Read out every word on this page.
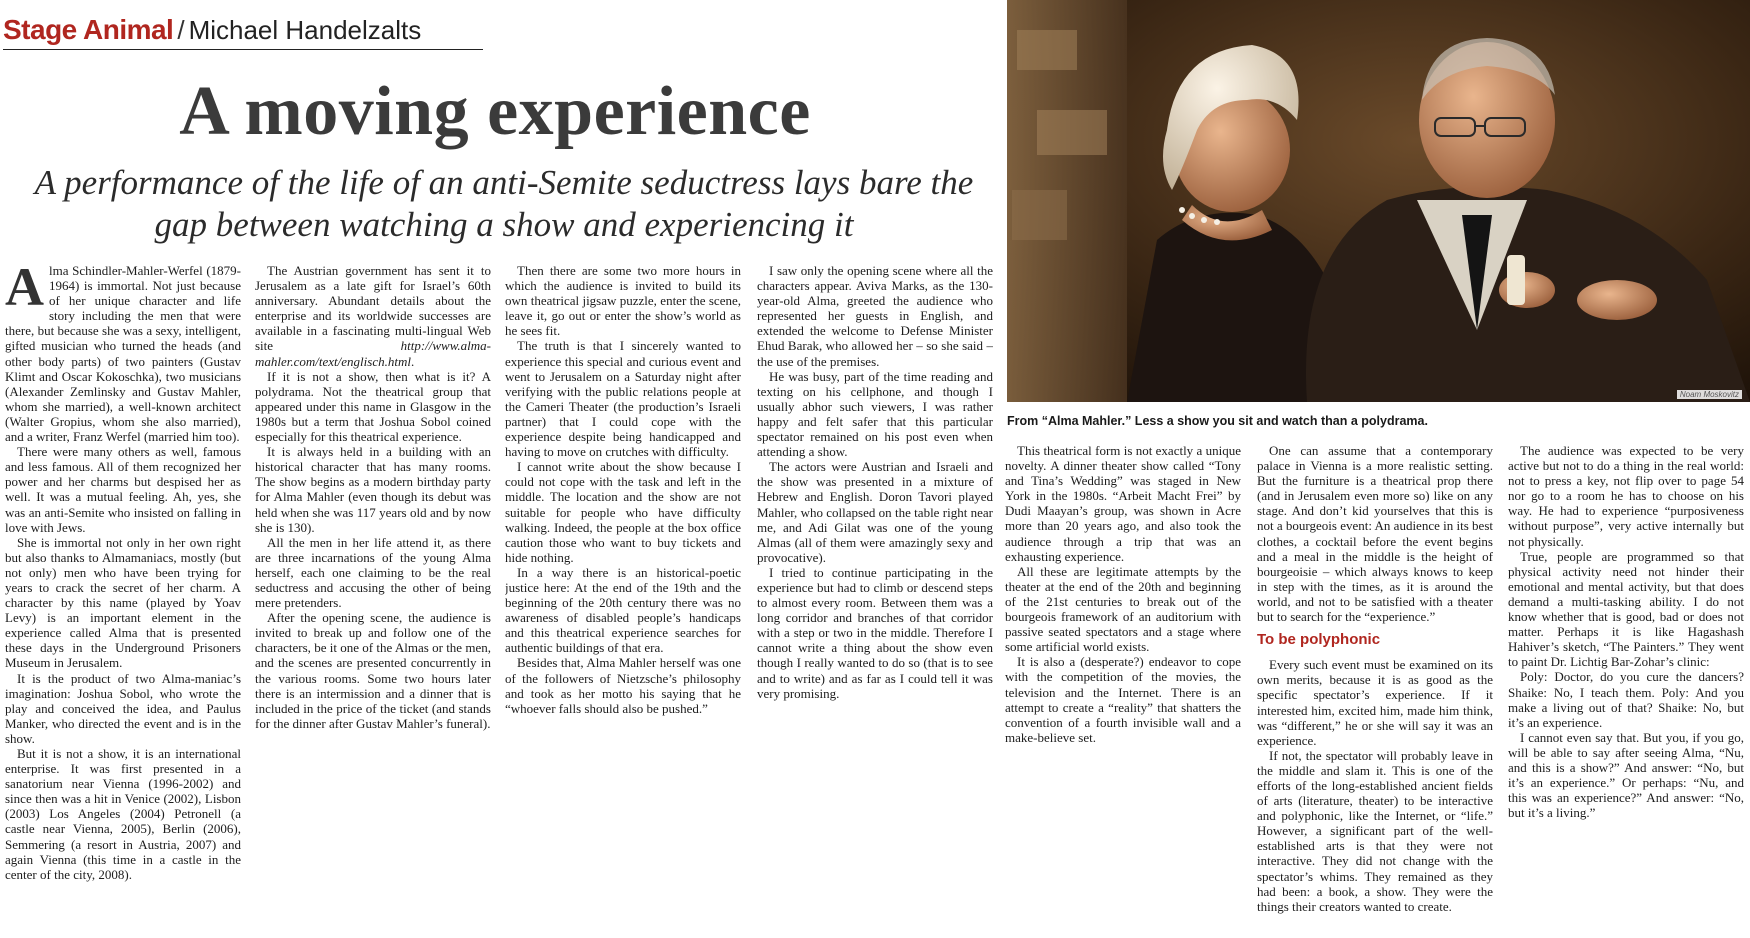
Stage Animal / Michael Handelzalts
A moving experience
A performance of the life of an anti-Semite seductress lays bare the gap between watching a show and experiencing it
Noam Moskovitz
From “Alma Mahler.” Less a show you sit and watch than a polydrama.
A lma Schindler-Mahler-Werfel (1879-1964) is immortal. Not just because of her unique character and life story including the men that were there, but because she was a sexy, intelligent, gifted musician who turned the heads (and other body parts) of two painters (Gustav Klimt and Oscar Kokoschka), two musicians (Alexander Zemlinsky and Gustav Mahler, whom she married), a well-known architect (Walter Gropius, whom she also married), and a writer, Franz Werfel (married him too).

There were many others as well, famous and less famous. All of them recognized her power and her charms but despised her as well. It was a mutual feeling. Ah, yes, she was an anti-Semite who insisted on falling in love with Jews.

She is immortal not only in her own right but also thanks to Almamaniacs, mostly (but not only) men who have been trying for years to crack the secret of her charm. A character by this name (played by Yoav Levy) is an important element in the experience called Alma that is presented these days in the Underground Prisoners Museum in Jerusalem.

It is the product of two Alma-maniac’s imagination: Joshua Sobol, who wrote the play and conceived the idea, and Paulus Manker, who directed the event and is in the show.

But it is not a show, it is an international enterprise. It was first presented in a sanatorium near Vienna (1996-2002) and since then was a hit in Venice (2002), Lisbon (2003) Los Angeles (2004) Petronell (a castle near Vienna, 2005), Berlin (2006), Semmering (a resort in Austria, 2007) and again Vienna (this time in a castle in the center of the city, 2008).

The Austrian government has sent it to Jerusalem as a late gift for Israel’s 60th anniversary. Abundant details about the enterprise and its worldwide successes are available in a fascinating multi-lingual Web site http://www.alma-mahler.com/text/englisch.html.

If it is not a show, then what is it? A polydrama. Not the theatrical group that appeared under this name in Glasgow in the 1980s but a term that Joshua Sobol coined especially for this theatrical experience.

It is always held in a building with an historical character that has many rooms. The show begins as a modern birthday party for Alma Mahler (even though its debut was held when she was 117 years old and by now she is 130).

All the men in her life attend it, as there are three incarnations of the young Alma herself, each one claiming to be the real seductress and accusing the other of being mere pretenders.

After the opening scene, the audience is invited to break up and follow one of the characters, be it one of the Almas or the men, and the scenes are presented concurrently in the various rooms. Some two hours later there is an intermission and a dinner that is included in the price of the ticket (and stands for the dinner after Gustav Mahler’s funeral).

Then there are some two more hours in which the audience is invited to build its own theatrical jigsaw puzzle, enter the scene, leave it, go out or enter the show’s world as he sees fit.

The truth is that I sincerely wanted to experience this special and curious event and went to Jerusalem on a Saturday night after verifying with the public relations people at the Cameri Theater (the production’s Israeli partner) that I could cope with the experience despite being handicapped and having to move on crutches with difficulty.

I cannot write about the show because I could not cope with the task and left in the middle. The location and the show are not suitable for people who have difficulty walking. Indeed, the people at the box office caution those who want to buy tickets and hide nothing.

In a way there is an historical-poetic justice here: At the end of the 19th and the beginning of the 20th century there was no awareness of disabled people’s handicaps and this theatrical experience searches for authentic buildings of that era.

Besides that, Alma Mahler herself was one of the followers of Nietzsche’s philosophy and took as her motto his saying that he “whoever falls should also be pushed.”

I saw only the opening scene where all the characters appear. Aviva Marks, as the 130-year-old Alma, greeted the audience who represented her guests in English, and extended the welcome to Defense Minister Ehud Barak, who allowed her – so she said – the use of the premises.

He was busy, part of the time reading and texting on his cellphone, and though I usually abhor such viewers, I was rather happy and felt safer that this particular spectator remained on his post even when attending a show.

The actors were Austrian and Israeli and the show was presented in a mixture of Hebrew and English. Doron Tavori played Mahler, who collapsed on the table right near me, and Adi Gilat was one of the young Almas (all of them were amazingly sexy and provocative).

I tried to continue participating in the experience but had to climb or descend steps to almost every room. Between them was a long corridor and branches of that corridor with a step or two in the middle. Therefore I cannot write a thing about the show even though I really wanted to do so (that is to see and to write) and as far as I could tell it was very promising.

This theatrical form is not exactly a unique novelty. A dinner theater show called “Tony and Tina’s Wedding” was staged in New York in the 1980s. “Arbeit Macht Frei” by Dudi Maayan’s group, was shown in Acre more than 20 years ago, and also took the audience through a trip that was an exhausting experience.

All these are legitimate attempts by the theater at the end of the 20th and beginning of the 21st centuries to break out of the bourgeois framework of an auditorium with passive seated spectators and a stage where some artificial world exists.

It is also a (desperate?) endeavor to cope with the competition of the movies, the television and the Internet. There is an attempt to create a “reality” that shatters the convention of a fourth invisible wall and a make-believe set.

One can assume that a contemporary palace in Vienna is a more realistic setting. But the furniture is a theatrical prop there (and in Jerusalem even more so) like on any stage. And don’t kid yourselves that this is not a bourgeois event: An audience in its best clothes, a cocktail before the event begins and a meal in the middle is the height of bourgeoisie – which always knows to keep in step with the times, as it is around the world, and not to be satisfied with a theater but to search for the “experience.”

To be polyphonic

Every such event must be examined on its own merits, because it is as good as the specific spectator’s experience. If it interested him, excited him, made him think, was “different,” he or she will say it was an experience.

If not, the spectator will probably leave in the middle and slam it. This is one of the efforts of the long-established ancient fields of arts (literature, theater) to be interactive and polyphonic, like the Internet, or “life.” However, a significant part of the well-established arts is that they were not interactive. They did not change with the spectator’s whims. They remained as they had been: a book, a show. They were the things their creators wanted to create.

The audience was expected to be very active but not to do a thing in the real world: not to press a key, not flip over to page 54 nor go to a room he has to choose on his way. He had to experience “purposiveness without purpose”, very active internally but not physically.

True, people are programmed so that physical activity need not hinder their emotional and mental activity, but that does demand a multi-tasking ability. I do not know whether that is good, bad or does not matter. Perhaps it is like Hagashash Hahiver’s sketch, “The Painters.” They went to paint Dr. Lichtig Bar-Zohar’s clinic:

Poly: Doctor, do you cure the dancers? Shaike: No, I teach them. Poly: And you make a living out of that? Shaike: No, but it’s an experience.

I cannot even say that. But you, if you go, will be able to say after seeing Alma, “Nu, and this is a show?” And answer: “No, but it’s an experience.” Or perhaps: “Nu, and this was an experience?” And answer: “No, but it’s a living.”
